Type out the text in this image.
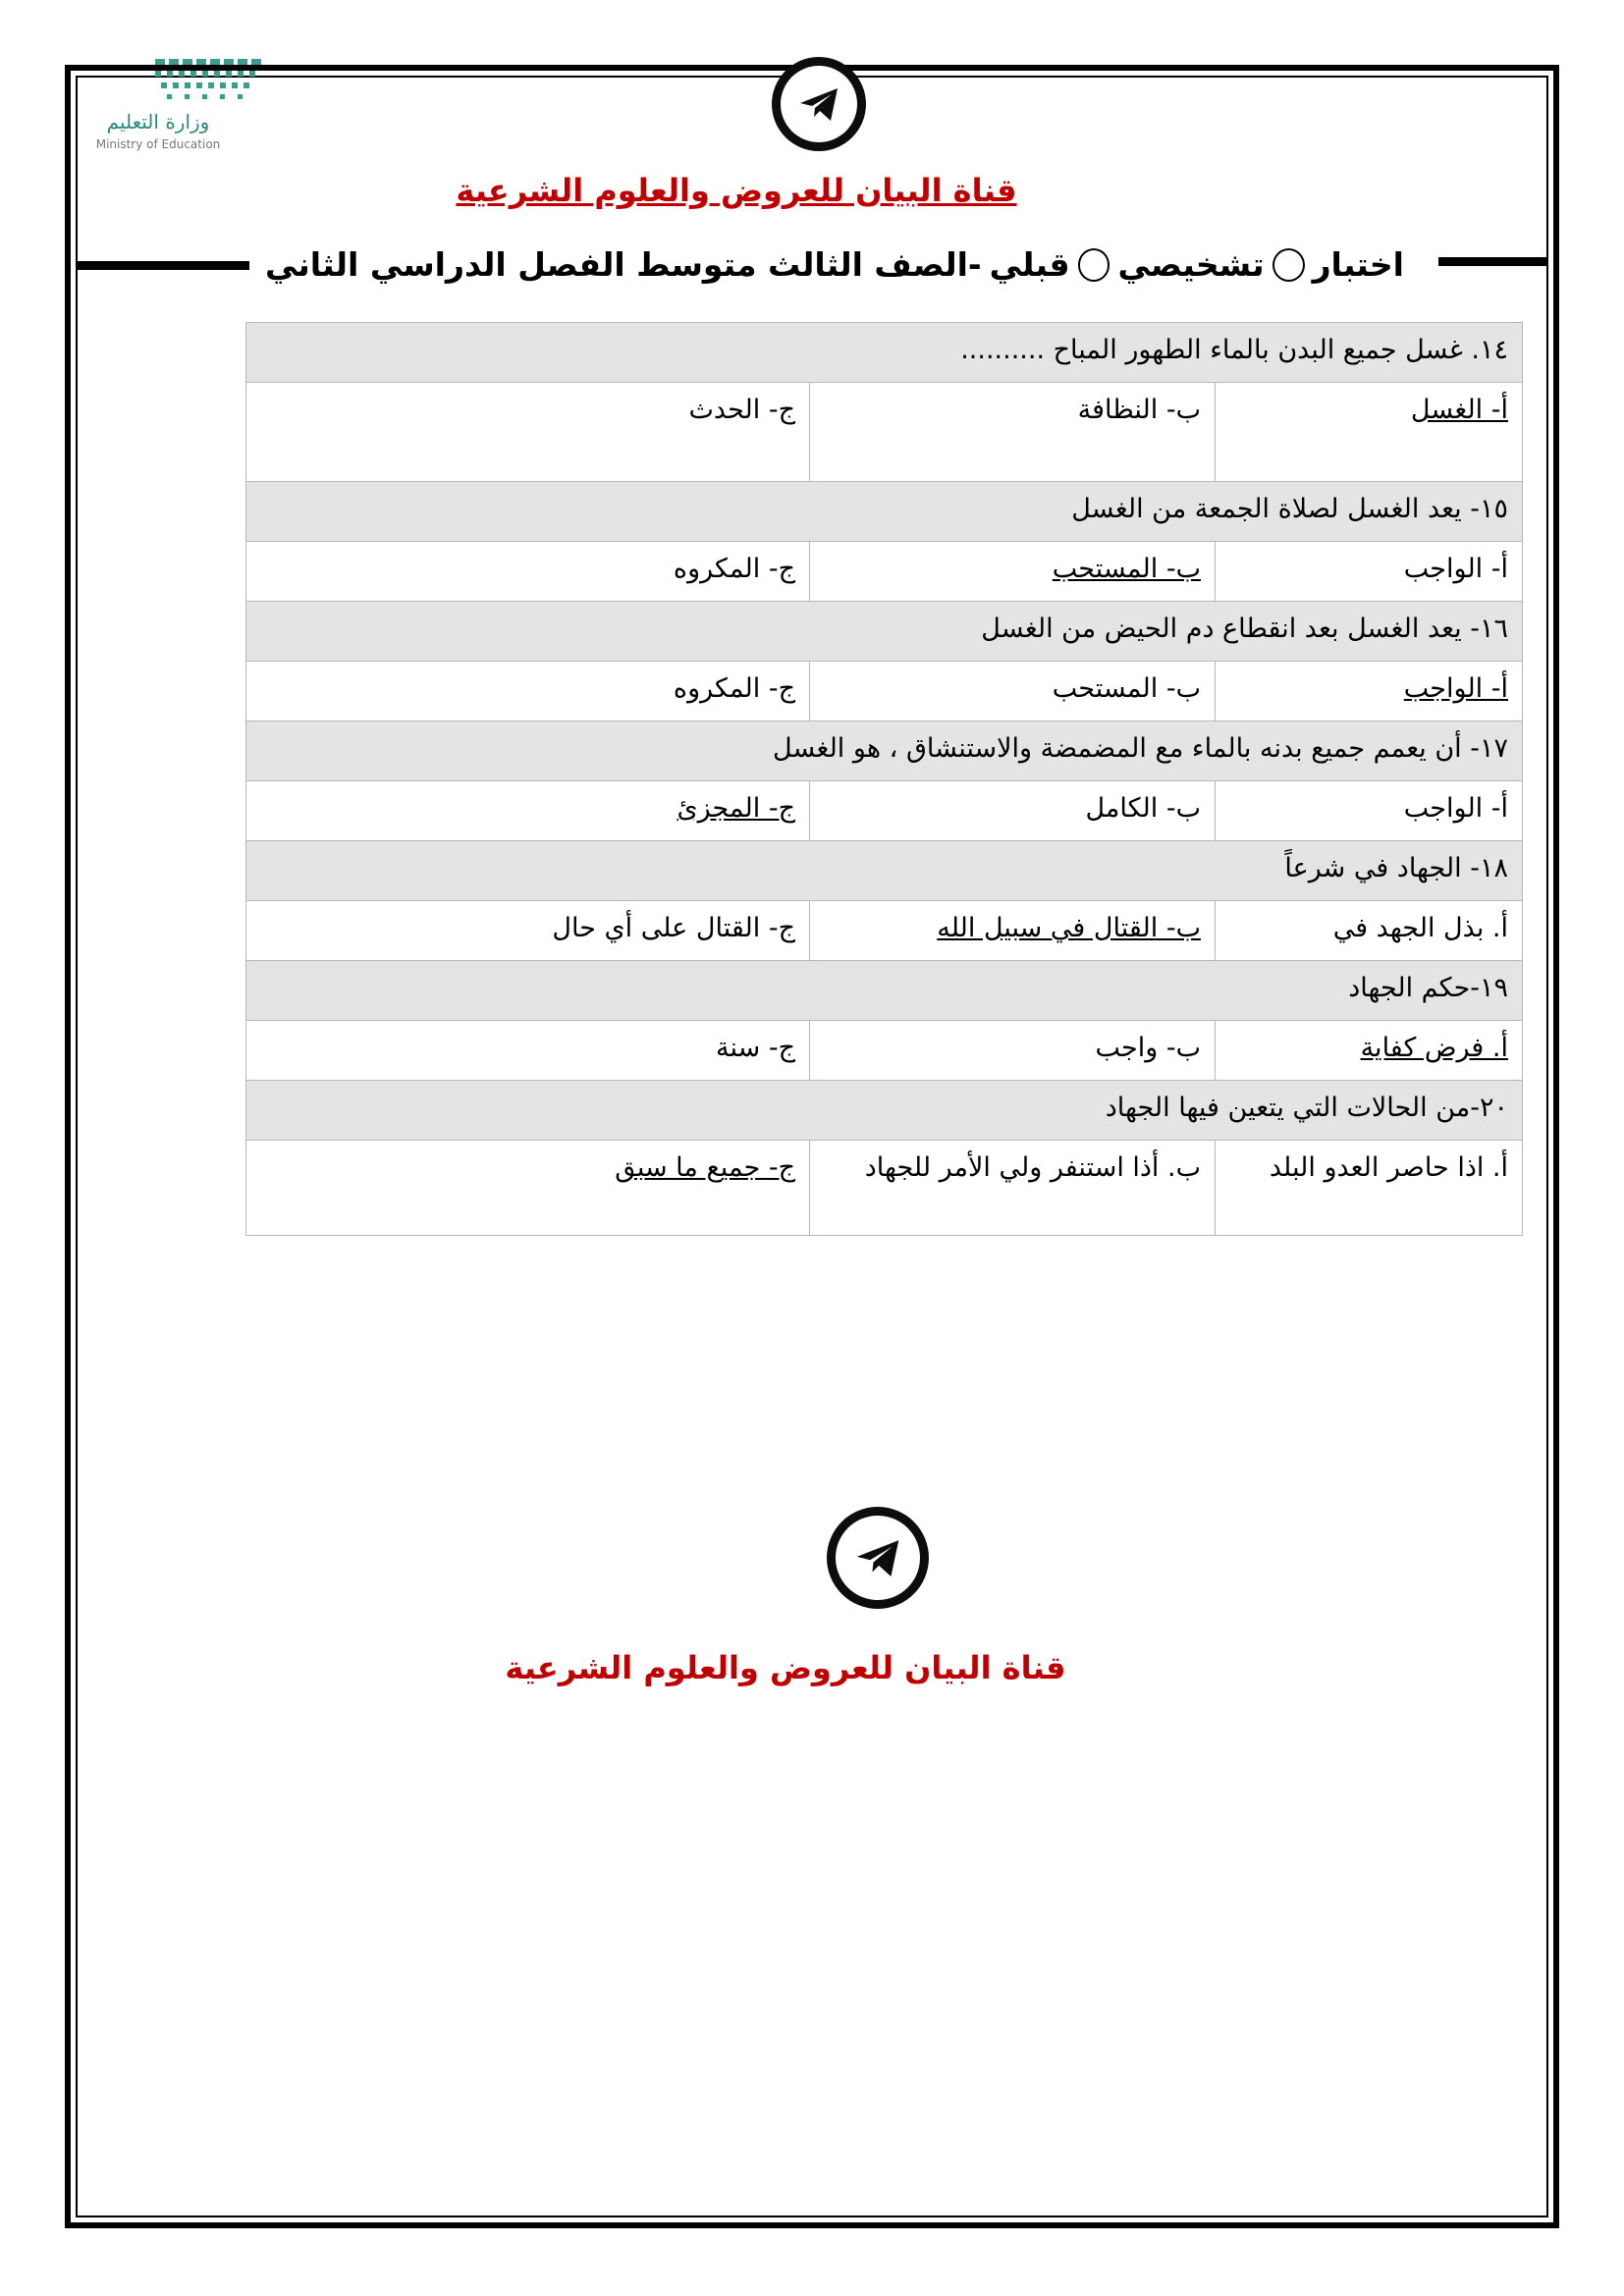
وزارة التعليم
Ministry of Education
قناة البيان للعروض والعلوم الشرعية
اختبار
تشخيصي
قبلي
-الصف الثالث متوسط الفصل الدراسي الثاني
١٤. غسل جميع البدن بالماء الطهور المباح ..........		
أ- الغسل	ب- النظافة	ج- الحدث
١٥- يعد الغسل لصلاة الجمعة من الغسل		
أ- الواجب	ب- المستحب	ج- المكروه
١٦- يعد الغسل بعد انقطاع دم الحيض من الغسل		
أ- الواجب	ب- المستحب	ج- المكروه
١٧- أن يعمم جميع بدنه بالماء مع المضمضة والاستنشاق ، هو الغسل		
أ- الواجب	ب- الكامل	ج- المجزئ
١٨- الجهاد في شرعاً		
أ. بذل الجهد في	ب- القتال في سبيل الله	ج- القتال على أي حال
١٩-حكم الجهاد		
أ. فرض كفاية	ب- واجب	ج- سنة
٢٠-من الحالات التي يتعين فيها الجهاد		
أ. اذا حاصر العدو البلد	ب. أذا استنفر ولي الأمر للجهاد	ج- جميع ما سبق
قناة البيان للعروض والعلوم الشرعية
